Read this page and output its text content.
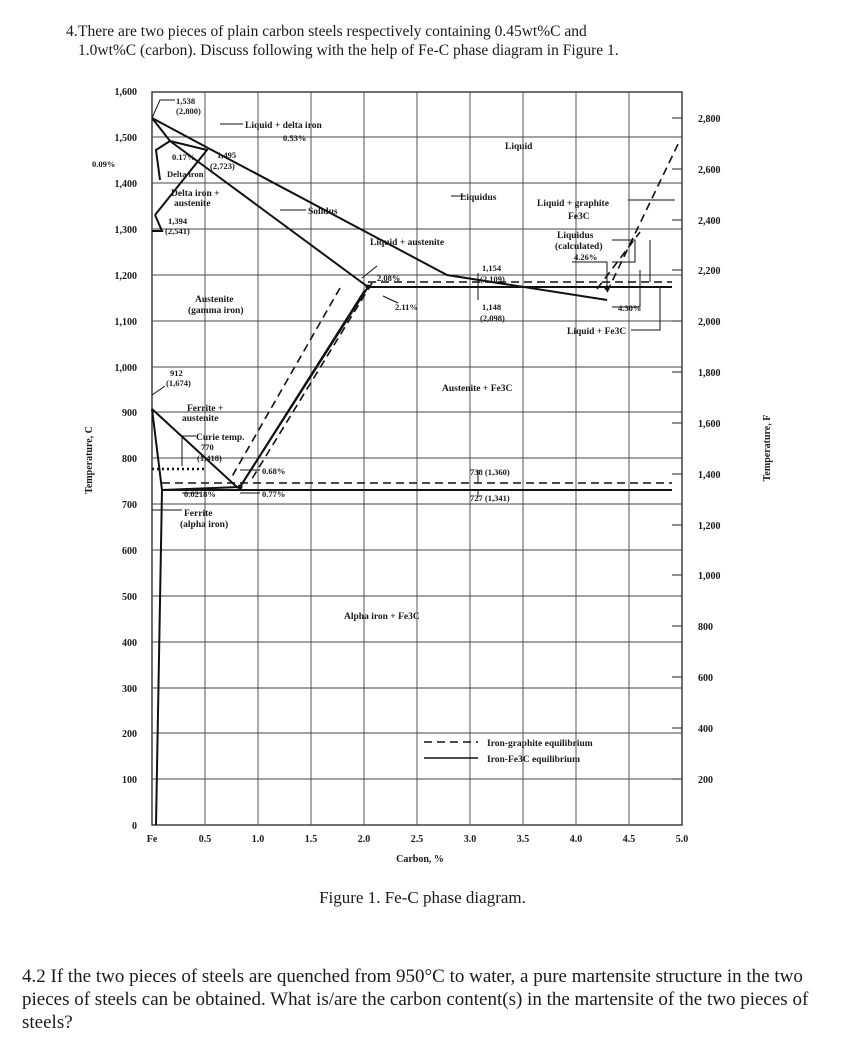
4. There are two pieces of plain carbon steels respectively containing 0.45wt%C and
1.0wt%C (carbon). Discuss following with the help of Fe-C phase diagram in Figure 1.
1,600
1,500
1,400
1,300
1,200
1,100
1,000
900
800
700
600
500
400
300
200
100
0
2,800
2,600
2,400
2,200
2,000
1,800
1,600
1,400
1,200
1,000
800
600
400
200
Fe	0.5	1.0	1.5	2.0	2.5	3.0	3.5	4.0	4.5	5.0
Carbon, %
Temperature, C	Temperature, F
1,538
(2,800)
Liquid + delta iron
0.53%
0.17%	1,495
(2,723)
Delta iron
0.09%
Delta iron +
austenite
1,394
(2,541)
Liquid
Liquidus
Liquid + graphite
Fe3C
Solidus
Liquid + austenite
Liquidus
(calculated)
4.26%
1,154
(2,109)
2.08%
2.11%	1,148
(2,098)
4.30%
Liquid + Fe3C
Austenite
(gamma iron)
912
(1,674)
Austenite + Fe3C
Ferrite +
austenite
Curie temp.
770
(1,418)
0.68%	738 (1,360)
0.0218%	0.77%	727 (1,341)
Ferrite
(alpha iron)
Alpha iron + Fe3C
Iron-graphite equilibrium
Iron-Fe3C equilibrium
Figure 1. Fe-C phase diagram.
4.2 If the two pieces of steels are quenched from 950°C to water, a pure martensite structure in the two pieces of steels can be obtained. What is/are the carbon content(s) in the martensite of the two pieces of steels?
